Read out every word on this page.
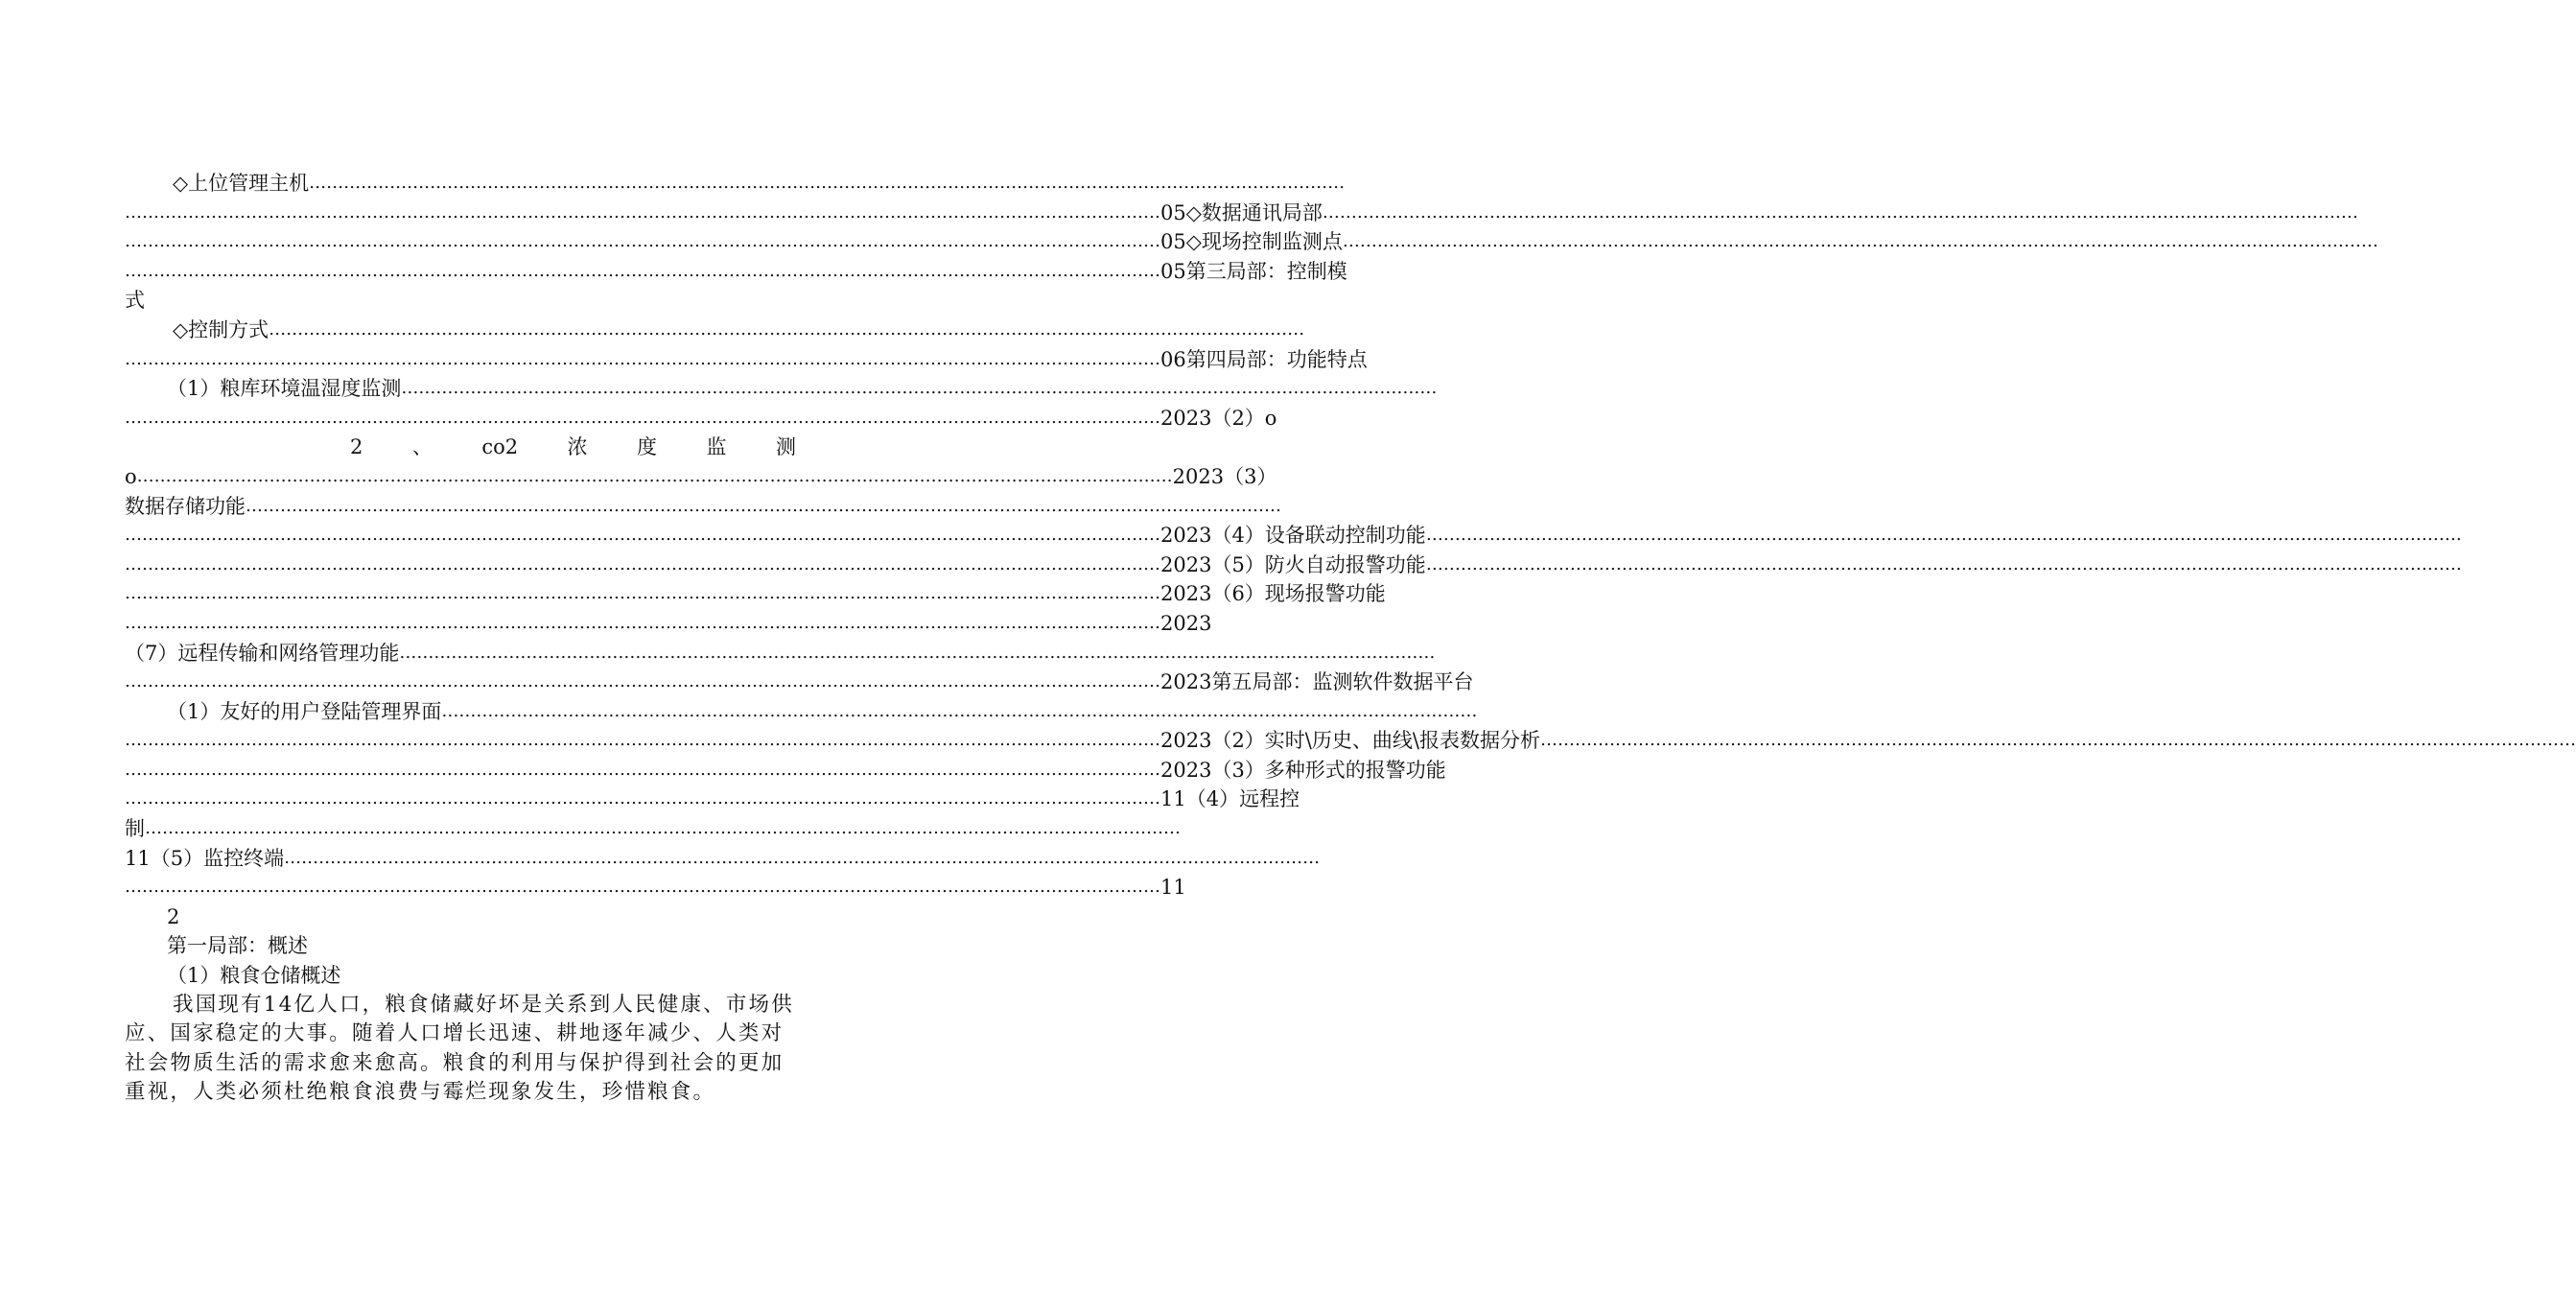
◇上位管理主机 ………………………………………………………………………………………………………………………………………………………………
……………………………………………………………………………………………………………………………………………………………… 05◇数据通讯局部 ………………………………………………………………………………………………………………………………………………………………
……………………………………………………………………………………………………………………………………………………………… 05◇现场控制监测点 ………………………………………………………………………………………………………………………………………………………………
……………………………………………………………………………………………………………………………………………………………… 05第三局部：控制模
式
◇控制方式 ………………………………………………………………………………………………………………………………………………………………
……………………………………………………………………………………………………………………………………………………………… 06第四局部：功能特点
（1）粮库环境温湿度监测 ………………………………………………………………………………………………………………………………………………………………
……………………………………………………………………………………………………………………………………………………………… 2023（2）o
2 、 co2 浓 度 监 测
o ……………………………………………………………………………………………………………………………………………………………… 2023（3）
数据存储功能 ………………………………………………………………………………………………………………………………………………………………
……………………………………………………………………………………………………………………………………………………………… 2023（4）设备联动控制功能 ………………………………………………………………………………………………………………………………………………………………
……………………………………………………………………………………………………………………………………………………………… 2023（5）防火自动报警功能 ………………………………………………………………………………………………………………………………………………………………
……………………………………………………………………………………………………………………………………………………………… 2023（6）现场报警功能
……………………………………………………………………………………………………………………………………………………………… 2023
（7）远程传输和网络管理功能 ………………………………………………………………………………………………………………………………………………………………
……………………………………………………………………………………………………………………………………………………………… 2023第五局部：监测软件数据平台
（1）友好的用户登陆管理界面 ………………………………………………………………………………………………………………………………………………………………
……………………………………………………………………………………………………………………………………………………………… 2023（2）实时\历史、曲线\报表数据分析 ………………………………………………………………………………………………………………………………………………………………
……………………………………………………………………………………………………………………………………………………………… 2023（3）多种形式的报警功能
……………………………………………………………………………………………………………………………………………………………… 11（4）远程控
制 ………………………………………………………………………………………………………………………………………………………………
11（5）监控终端 ………………………………………………………………………………………………………………………………………………………………
……………………………………………………………………………………………………………………………………………………………… 11
2
第一局部：概述
（1）粮食仓储概述
我国现有14亿人口，粮食储藏好坏是关系到人民健康、市场供应、国家稳定的大事。随着人口增长迅速、耕地逐年减少、人类对社会物质生活的需求愈来愈高。粮食的利用与保护得到社会的更加重视，人类必须杜绝粮食浪费与霉烂现象发生，珍惜粮食。
